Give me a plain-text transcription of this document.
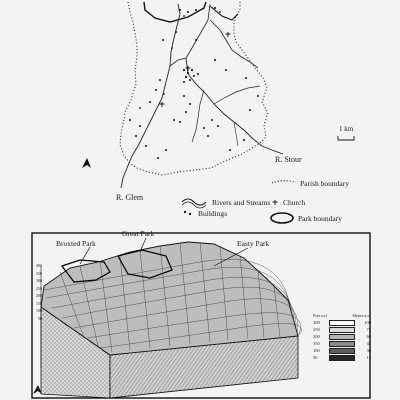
R. Stour
R. Glem
1 km
Rivers and Streams
Buildings
Parish boundary
Church
Park boundary
Broxted Park
Great Park
Easty Park
400
350
300
250
200
150
100
50	Feet a.s.l	Metres a.s.l
300	100
250	75
200	60
150	45
100	30
50	15
